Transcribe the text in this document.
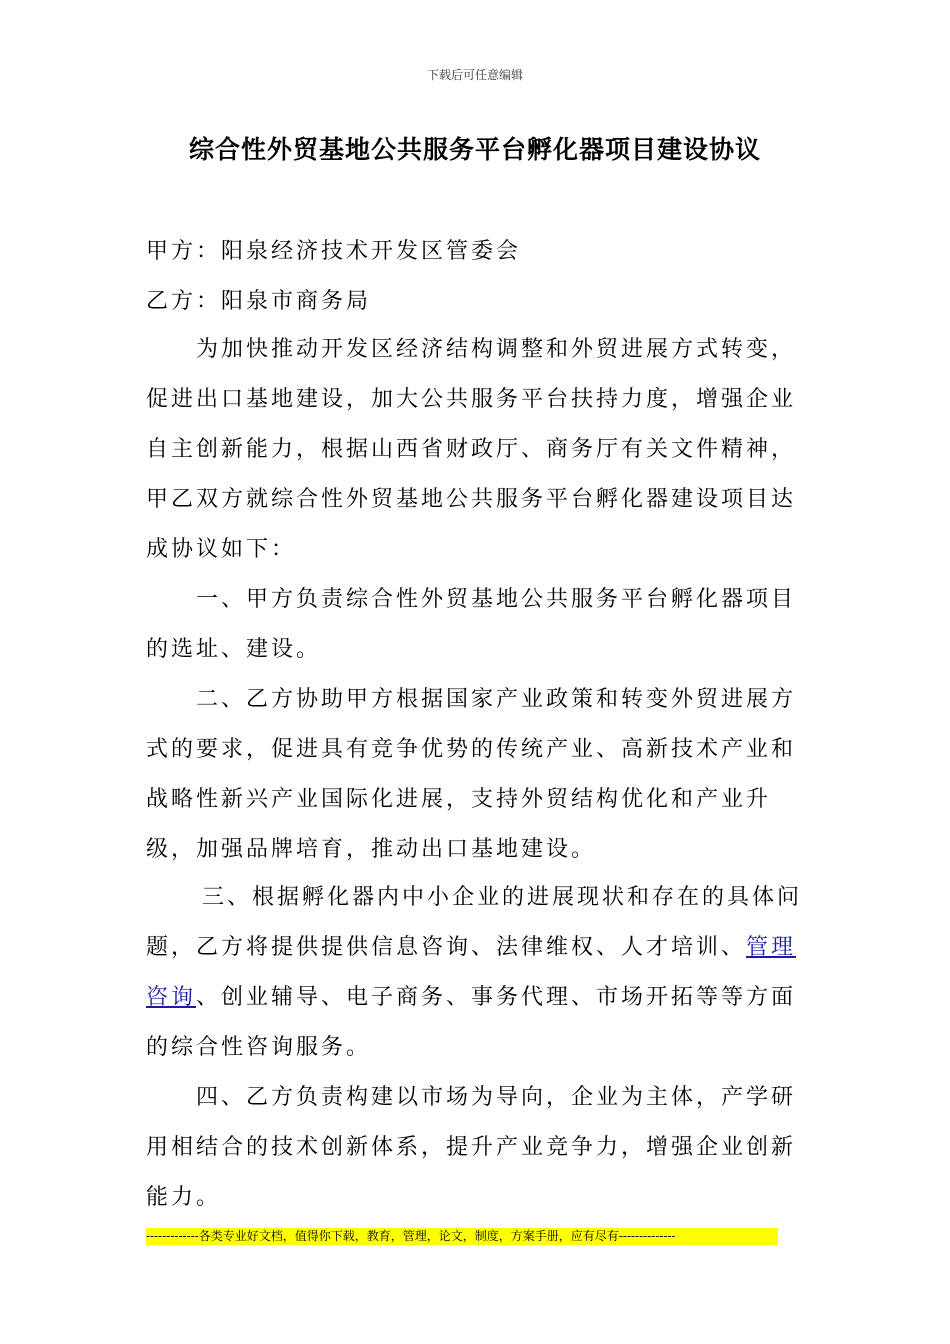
下载后可任意编辑
综合性外贸基地公共服务平台孵化器项目建设协议
甲方：阳泉经济技术开发区管委会
乙方：阳泉市商务局
为加快推动开发区经济结构调整和外贸进展方式转变，促进出口基地建设，加大公共服务平台扶持力度，增强企业自主创新能力，根据山西省财政厅、商务厅有关文件精神，甲乙双方就综合性外贸基地公共服务平台孵化器建设项目达成协议如下：
一、甲方负责综合性外贸基地公共服务平台孵化器项目的选址、建设。
二、乙方协助甲方根据国家产业政策和转变外贸进展方式的要求，促进具有竞争优势的传统产业、高新技术产业和战略性新兴产业国际化进展，支持外贸结构优化和产业升级，加强品牌培育，推动出口基地建设。
三、根据孵化器内中小企业的进展现状和存在的具体问题，乙方将提供提供信息咨询、法律维权、人才培训、管理咨询、创业辅导、电子商务、事务代理、市场开拓等等方面的综合性咨询服务。
四、乙方负责构建以市场为导向，企业为主体，产学研用相结合的技术创新体系，提升产业竞争力，增强企业创新能力。
-------------各类专业好文档，值得你下载，教育，管理，论文，制度，方案手册，应有尽有--------------
